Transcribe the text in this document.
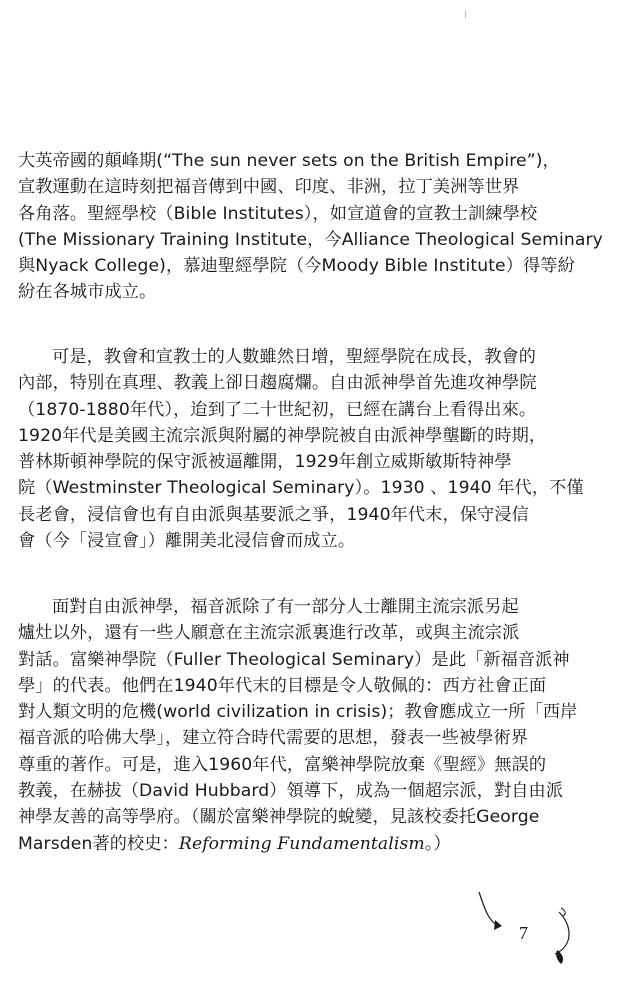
大英帝國的顛峰期(“The sun never sets on the British Empire”)，
宣教運動在這時刻把福音傳到中國、印度、非洲，拉丁美洲等世界
各角落。聖經學校（Bible Institutes），如宣道會的宣教士訓練學校
(The Missionary Training Institute，今Alliance Theological Seminary
與Nyack College)，慕迪聖經學院（今Moody Bible Institute）得等紛
紛在各城市成立。
可是，教會和宣教士的人數雖然日增，聖經學院在成長，教會的
內部，特別在真理、教義上卻日趨腐爛。自由派神學首先進攻神學院
（1870-1880年代），迨到了二十世紀初，已經在講台上看得出來。
1920年代是美國主流宗派與附屬的神學院被自由派神學壟斷的時期，
普林斯頓神學院的保守派被逼離開，1929年創立威斯敏斯特神學
院（Westminster Theological Seminary）。1930 、1940 年代，不僅
長老會，浸信會也有自由派與基要派之爭，1940年代末，保守浸信
會（今「浸宣會」）離開美北浸信會而成立。
面對自由派神學，福音派除了有一部分人士離開主流宗派另起
爐灶以外，還有一些人願意在主流宗派裏進行改革，或與主流宗派
對話。富樂神學院（Fuller Theological Seminary）是此「新福音派神
學」的代表。他們在1940年代末的目標是令人敬佩的：西方社會正面
對人類文明的危機(world civilization in crisis)；教會應成立一所「西岸
福音派的哈佛大學」，建立符合時代需要的思想，發表一些被學術界
尊重的著作。可是，進入1960年代，富樂神學院放棄《聖經》無誤的
教義，在赫拔（David Hubbard）領導下，成為一個超宗派，對自由派
神學友善的高等學府。（關於富樂神學院的蛻變，見該校委托George
Marsden著的校史：Reforming Fundamentalism。）
7
